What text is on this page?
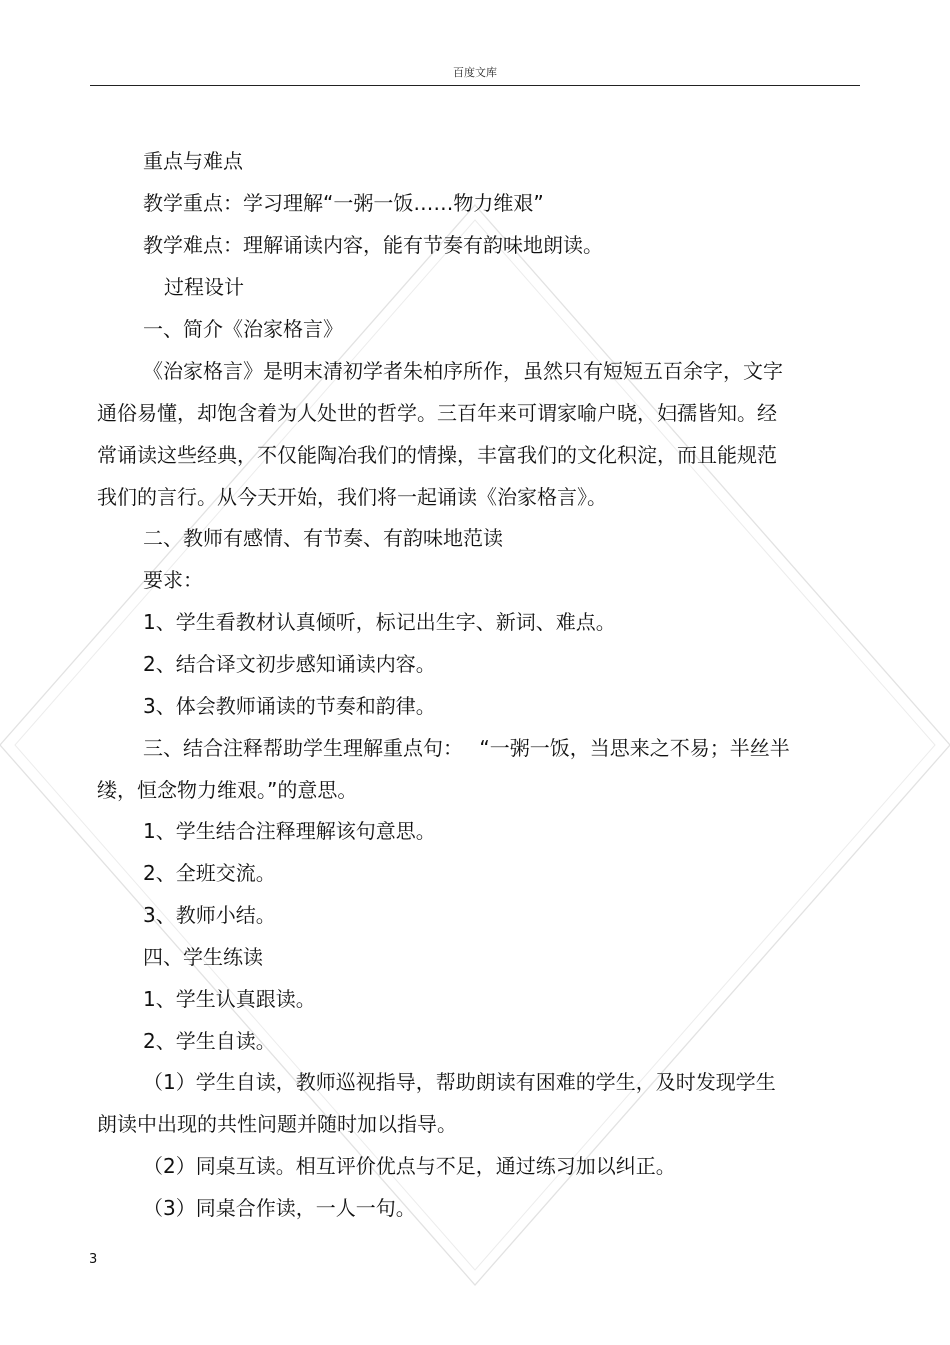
百度文库
重点与难点
教学重点：学习理解“一粥一饭……物力维艰”
教学难点：理解诵读内容，能有节奏有韵味地朗读。
过程设计
一、简介《治家格言》
《治家格言》是明末清初学者朱柏序所作，虽然只有短短五百余字，文字
通俗易懂，却饱含着为人处世的哲学。三百年来可谓家喻户晓，妇孺皆知。经
常诵读这些经典，不仅能陶冶我们的情操，丰富我们的文化积淀，而且能规范
我们的言行。从今天开始，我们将一起诵读《治家格言》。
二、教师有感情、有节奏、有韵味地范读
要求：
1、学生看教材认真倾听，标记出生字、新词、难点。
2、结合译文初步感知诵读内容。
3、体会教师诵读的节奏和韵律。
三、结合注释帮助学生理解重点句：　 “一粥一饭，当思来之不易；半丝半
缕，恒念物力维艰。”的意思。
1、学生结合注释理解该句意思。
2、全班交流。
3、教师小结。
四、学生练读
1、学生认真跟读。
2、学生自读。
（1）学生自读，教师巡视指导，帮助朗读有困难的学生，及时发现学生
朗读中出现的共性问题并随时加以指导。
（2）同桌互读。相互评价优点与不足，通过练习加以纠正。
（3）同桌合作读，一人一句。
3
